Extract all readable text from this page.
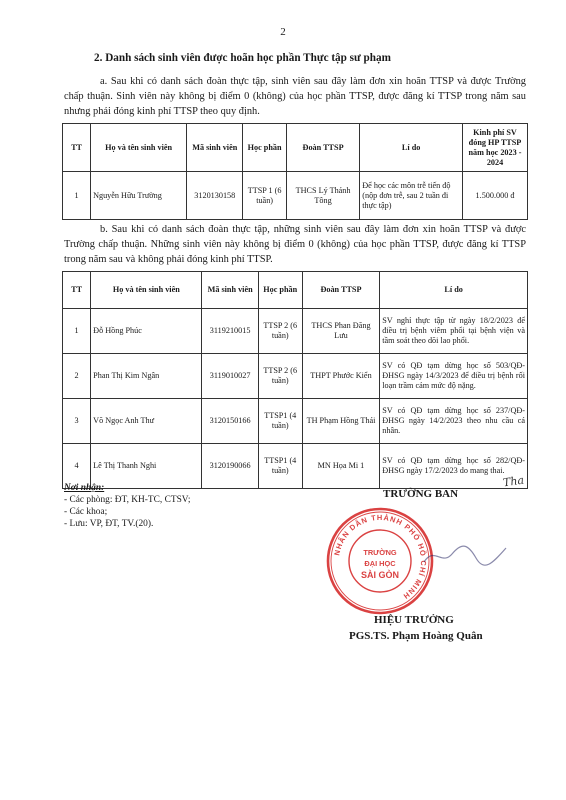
2
2. Danh sách sinh viên được hoãn học phần Thực tập sư phạm
a. Sau khi có danh sách đoàn thực tập, sinh viên sau đây làm đơn xin hoãn TTSP và được Trường chấp thuận. Sinh viên này không bị điểm 0 (không) của học phần TTSP, được đăng kí TTSP trong năm sau nhưng phải đóng kinh phí TTSP theo quy định.
TT	Họ và tên sinh viên	Mã sinh viên	Học phần	Đoàn TTSP	Lí do	Kinh phí SV đóng HP TTSP năm học 2023 - 2024
1	Nguyễn Hữu Trường	3120130158	TTSP 1 (6 tuần)	THCS Lý Thánh Tông	Để học các môn trễ tiến độ (nộp đơn trễ, sau 2 tuần đi thực tập)	1.500.000 đ
b. Sau khi có danh sách đoàn thực tập, những sinh viên sau đây làm đơn xin hoãn TTSP và được Trường chấp thuận. Những sinh viên này không bị điểm 0 (không) của học phần TTSP, được đăng kí TTSP trong năm sau và không phải đóng kinh phí TTSP.
TT	Họ và tên sinh viên	Mã sinh viên	Học phần	Đoàn TTSP	Lí do
1	Đỗ Hồng Phúc	3119210015	TTSP 2 (6 tuần)	THCS Phan Đăng Lưu	SV nghỉ thực tập từ ngày 18/2/2023 để điều trị bệnh viêm phổi tại bệnh viện và tầm soát theo dõi lao phổi.
2	Phan Thị Kim Ngân	3119010027	TTSP 2 (6 tuần)	THPT Phước Kiển	SV có QĐ tạm dừng học số 503/QĐ-ĐHSG ngày 14/3/2023 để điều trị bệnh rối loạn trầm cảm mức độ nặng.
3	Võ Ngọc Anh Thư	3120150166	TTSP1 (4 tuần)	TH Phạm Hồng Thái	SV có QĐ tạm dừng học số 237/QĐ-ĐHSG ngày 14/2/2023 theo nhu cầu cá nhân.
4	Lê Thị Thanh Nghi	3120190066	TTSP1 (4 tuần)	MN Họa Mi 1	SV có QĐ tạm dừng học số 282/QĐ-ĐHSG ngày 17/2/2023 do mang thai.
Nơi nhận:
- Các phòng: ĐT, KH-TC, CTSV;
- Các khoa;
- Lưu: VP, ĐT, TV.(20).
TRƯỜNG BAN
Tha
NHÂN DÂN THÀNH PHỐ HỒ CHÍ MINH
TRƯỜNG
ĐẠI HỌC
SÀI GÒN
HIỆU TRƯỞNG
PGS.TS. Phạm Hoàng Quân
